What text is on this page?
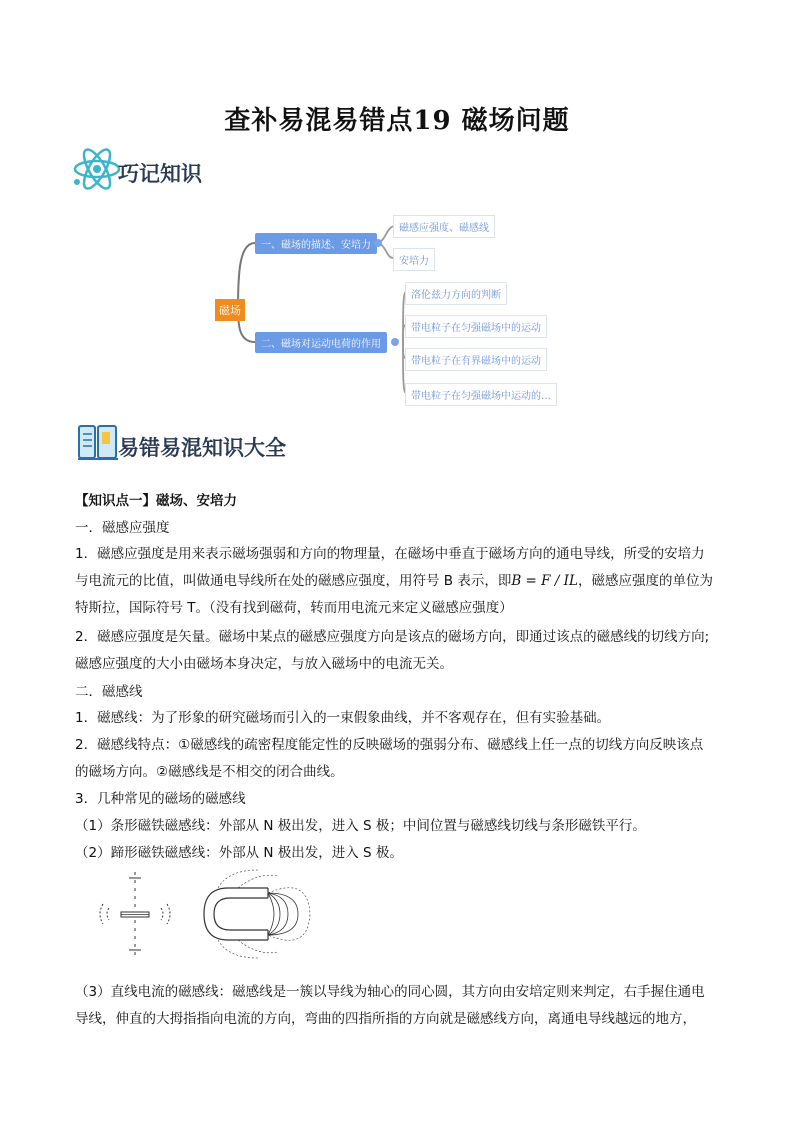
查补易混易错点19 磁场问题
巧记知识
磁场
一、磁场的描述、安培力
磁感应强度、磁感线
安培力
二、磁场对运动电荷的作用
洛伦兹力方向的判断
带电粒子在匀强磁场中的运动
带电粒子在有界磁场中的运动
带电粒子在匀强磁场中运动的…
易错易混知识大全
【知识点一】磁场、安培力
一．磁感应强度
1．磁感应强度是用来表示磁场强弱和方向的物理量，在磁场中垂直于磁场方向的通电导线，所受的安培力
与电流元的比值，叫做通电导线所在处的磁感应强度，用符号 B 表示，即B = F / IL，磁感应强度的单位为
特斯拉，国际符号 T。（没有找到磁荷，转而用电流元来定义磁感应强度）
2．磁感应强度是矢量。磁场中某点的磁感应强度方向是该点的磁场方向，即通过该点的磁感线的切线方向;
磁感应强度的大小由磁场本身决定，与放入磁场中的电流无关。
二．磁感线
1．磁感线：为了形象的研究磁场而引入的一束假象曲线，并不客观存在，但有实验基础。
2．磁感线特点：①磁感线的疏密程度能定性的反映磁场的强弱分布、磁感线上任一点的切线方向反映该点
的磁场方向。②磁感线是不相交的闭合曲线。
3．几种常见的磁场的磁感线
（1）条形磁铁磁感线：外部从 N 极出发，进入 S 极；中间位置与磁感线切线与条形磁铁平行。
（2）蹄形磁铁磁感线：外部从 N 极出发，进入 S 极。
（3）直线电流的磁感线：磁感线是一簇以导线为轴心的同心圆，其方向由安培定则来判定，右手握住通电
导线，伸直的大拇指指向电流的方向，弯曲的四指所指的方向就是磁感线方向，离通电导线越远的地方，
